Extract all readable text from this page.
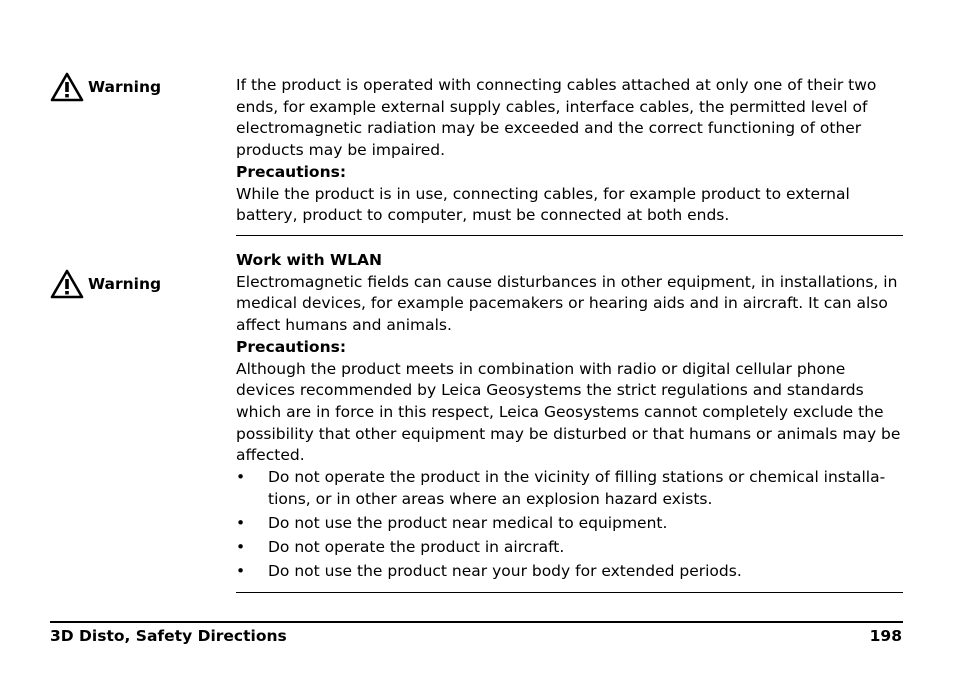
Warning	If the product is operated with connecting cables attached at only one of their two ends, for example external supply cables, interface cables, the permitted level of electromagnetic radiation may be exceeded and the correct functioning of other products may be impaired.

Precautions:

While the product is in use, connecting cables, for example product to external battery, product to computer, must be connected at both ends.

Warning

Work with WLAN

Electromagnetic fields can cause disturbances in other equipment, in installations, in medical devices, for example pacemakers or hearing aids and in aircraft. It can also affect humans and animals.

Precautions:

Although the product meets in combination with radio or digital cellular phone devices recommended by Leica Geosystems the strict regulations and standards which are in force in this respect, Leica Geosystems cannot completely exclude the possibility that other equipment may be disturbed or that humans or animals may be affected.

• Do not operate the product in the vicinity of filling stations or chemical installa-tions, or in other areas where an explosion hazard exists.
• Do not use the product near medical to equipment.
• Do not operate the product in aircraft.
• Do not use the product near your body for extended periods.
3D Disto, Safety Directions	198
